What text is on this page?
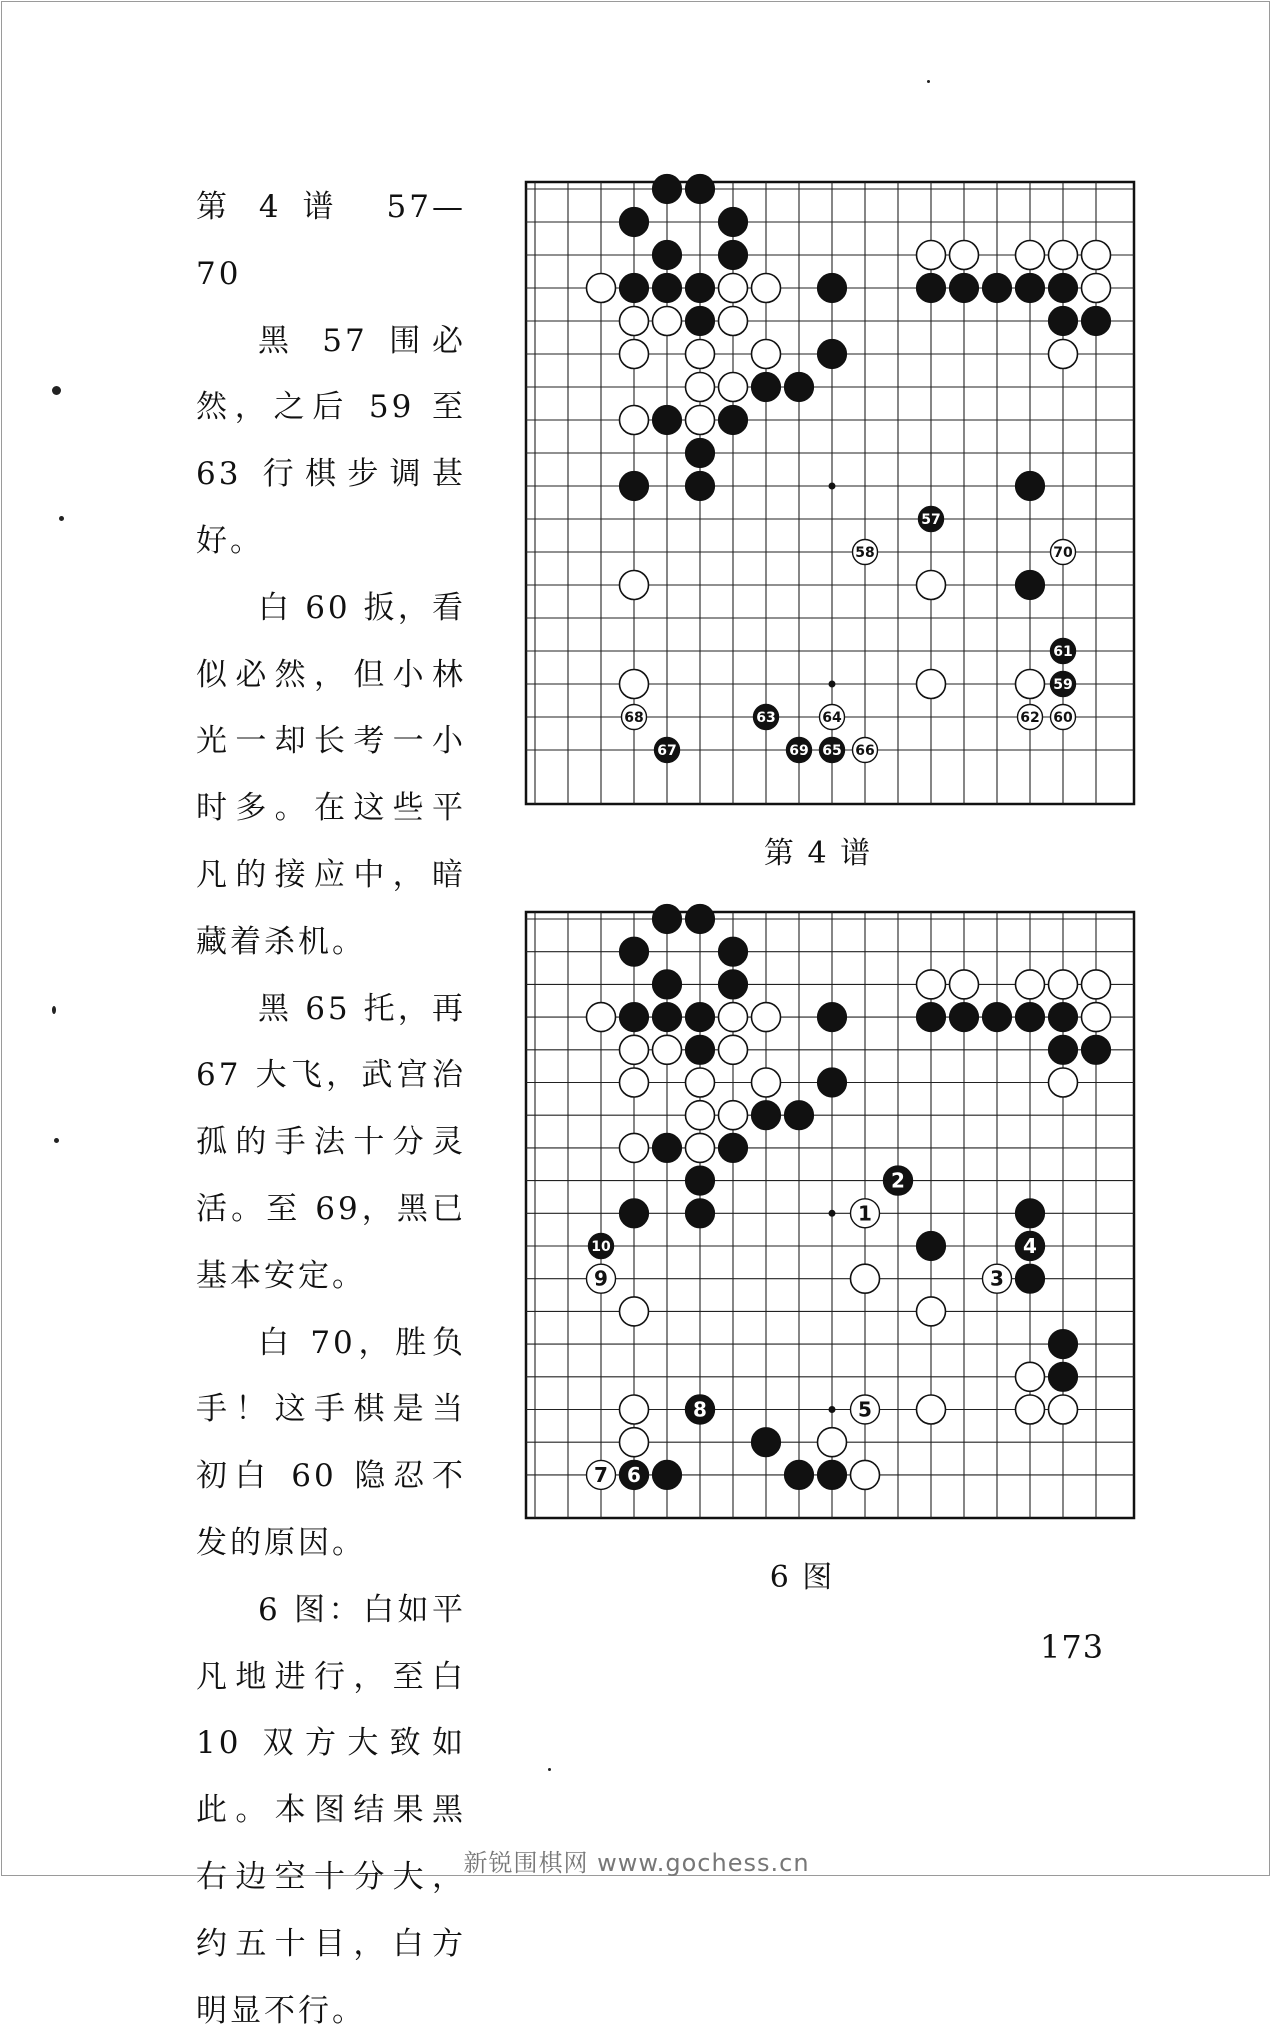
第 4 谱　57—70

黑 57 围必然，之后 59 至 63 行棋步调甚好。

白 60 扳，看似必然，但小林光一却长考一小时多。在这些平凡的接应中，暗藏着杀机。

黑 65 托，再 67 大飞，武宫治孤的手法十分灵活。至 69，黑已基本安定。

白 70，胜负手！这手棋是当初白 60 隐忍不发的原因。

6 图：白如平凡地进行，至白 10 双方大致如此。本图结果黑右边空十分大，约五十目，白方明显不行。

57
58
59
60
61
62
63	64
65 66
67
68
69
70
第 4 谱
1
2
3
4
5
6
7
8
9
10
6 图
173
新锐围棋网 www.gochess.cn
